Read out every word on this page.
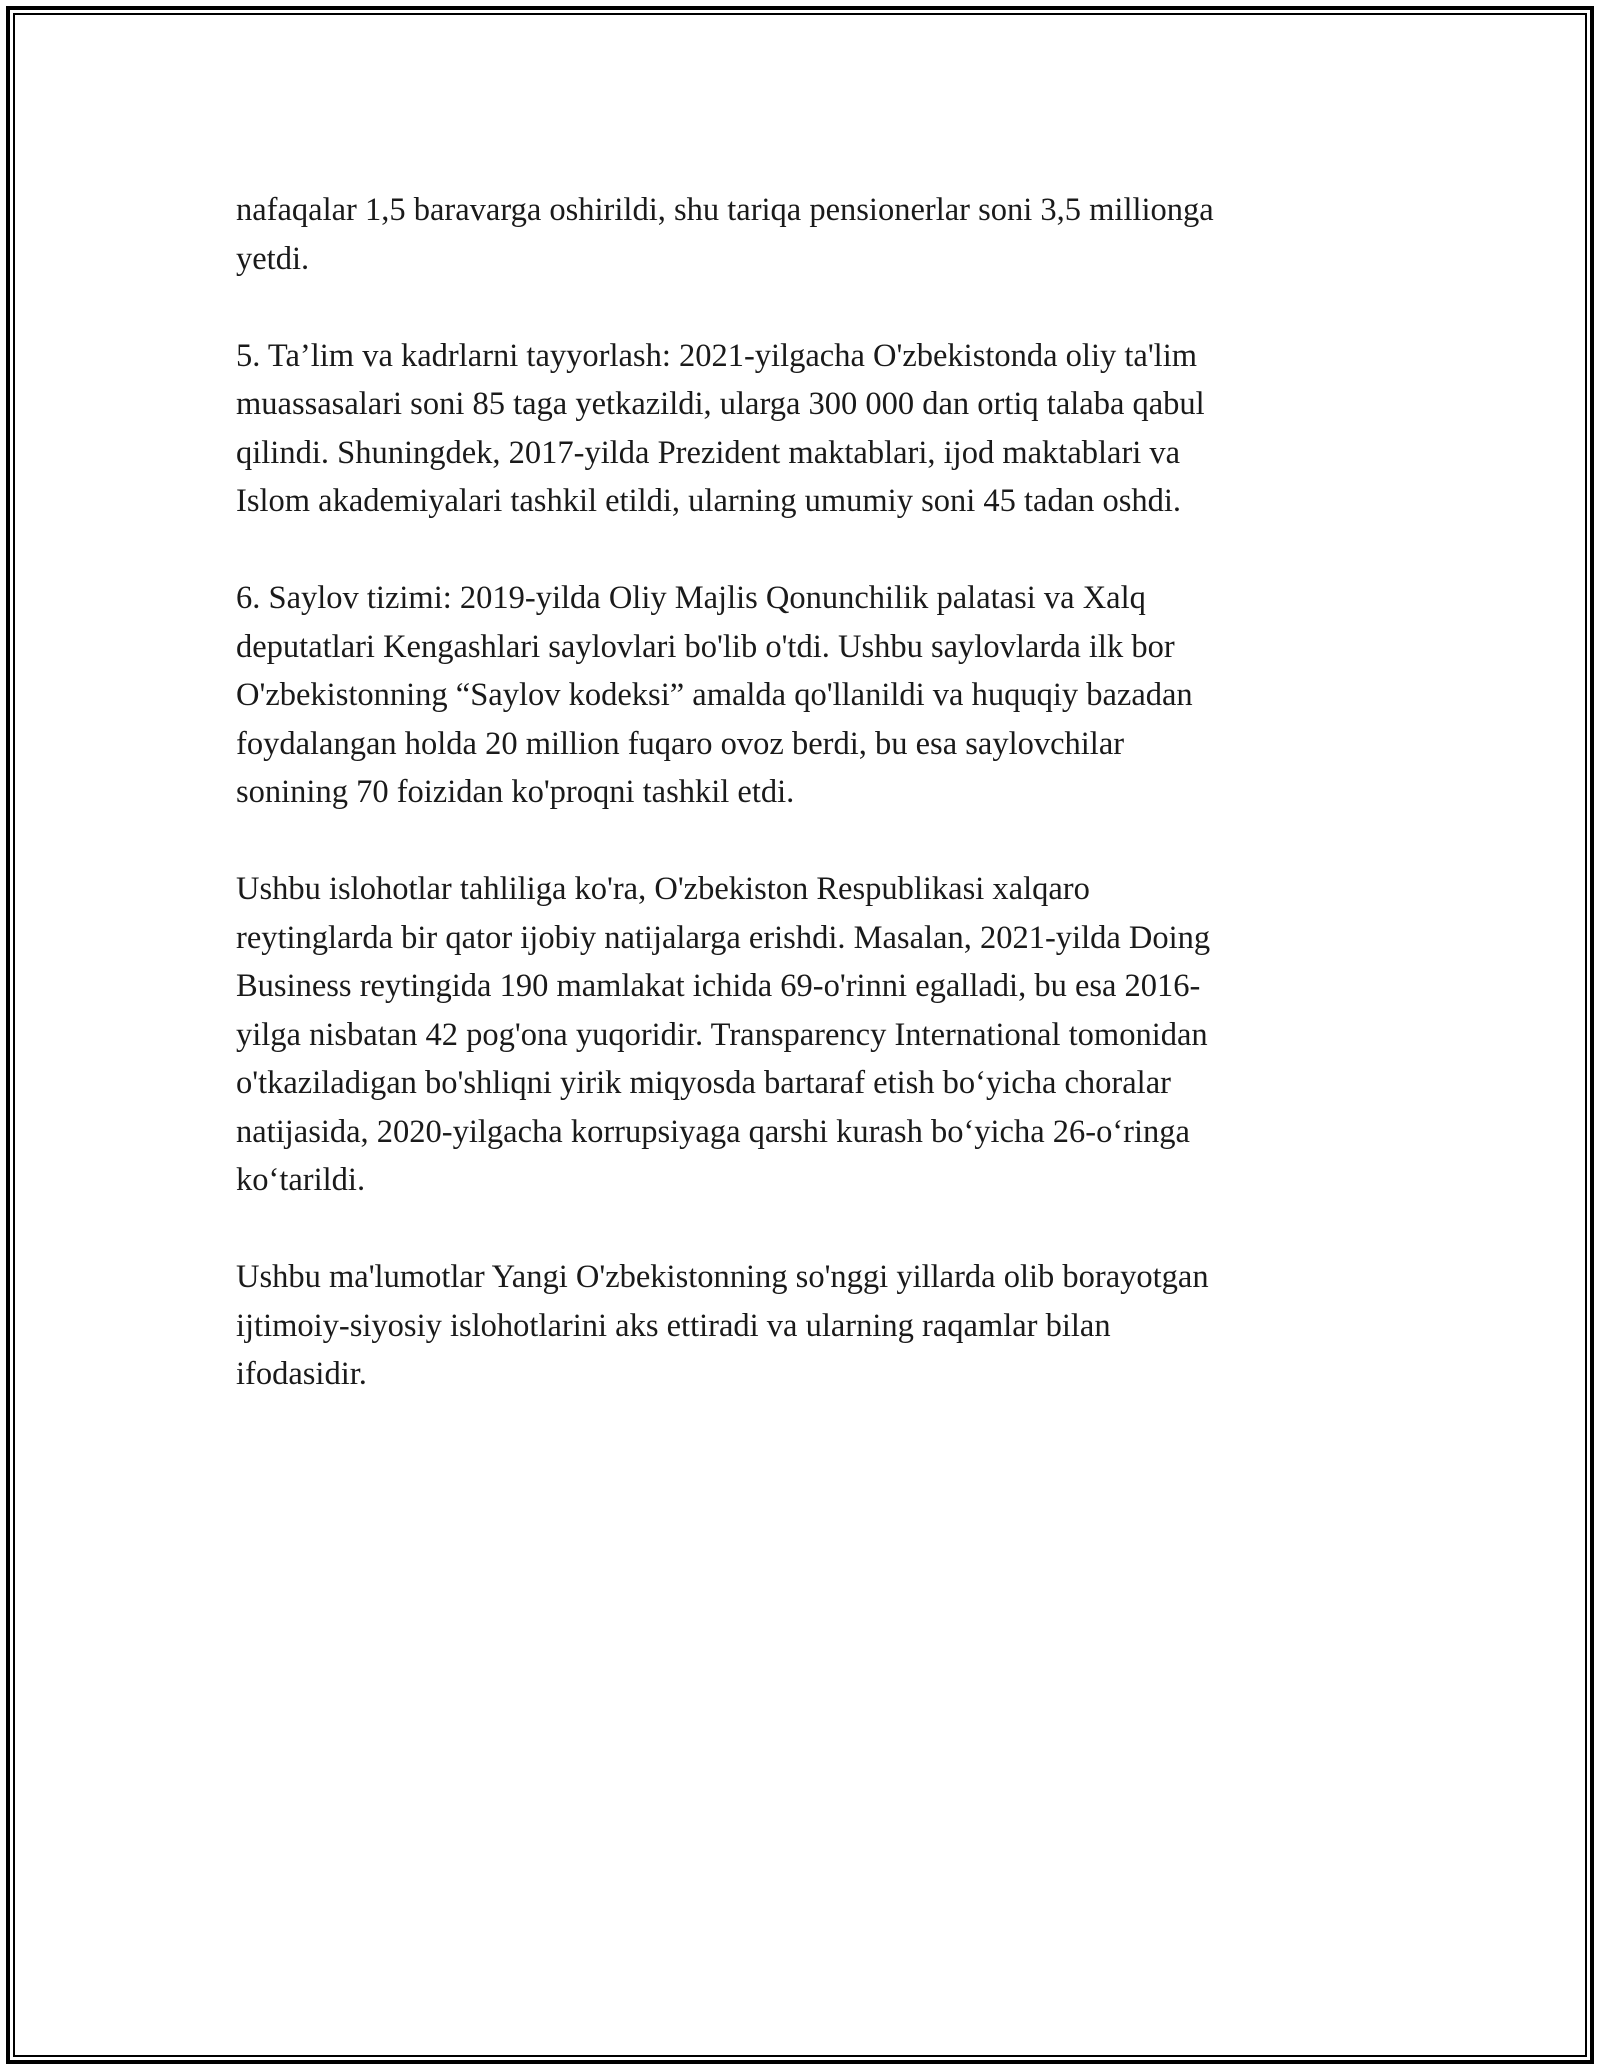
nafaqalar 1,5 baravarga oshirildi, shu tariqa pensionerlar soni 3,5 millionga
yetdi.

5. Ta’lim va kadrlarni tayyorlash: 2021-yilgacha O'zbekistonda oliy ta'lim
muassasalari soni 85 taga yetkazildi, ularga 300 000 dan ortiq talaba qabul
qilindi. Shuningdek, 2017-yilda Prezident maktablari, ijod maktablari va
Islom akademiyalari tashkil etildi, ularning umumiy soni 45 tadan oshdi.

6. Saylov tizimi: 2019-yilda Oliy Majlis Qonunchilik palatasi va Xalq
deputatlari Kengashlari saylovlari bo'lib o'tdi. Ushbu saylovlarda ilk bor
O'zbekistonning “Saylov kodeksi” amalda qo'llanildi va huquqiy bazadan
foydalangan holda 20 million fuqaro ovoz berdi, bu esa saylovchilar
sonining 70 foizidan ko'proqni tashkil etdi.

Ushbu islohotlar tahliliga ko'ra, O'zbekiston Respublikasi xalqaro
reytinglarda bir qator ijobiy natijalarga erishdi. Masalan, 2021-yilda Doing
Business reytingida 190 mamlakat ichida 69-o'rinni egalladi, bu esa 2016-
yilga nisbatan 42 pog'ona yuqoridir. Transparency International tomonidan
o'tkaziladigan bo'shliqni yirik miqyosda bartaraf etish bo‘yicha choralar
natijasida, 2020-yilgacha korrupsiyaga qarshi kurash bo‘yicha 26-o‘ringa
ko‘tarildi.

Ushbu ma'lumotlar Yangi O'zbekistonning so'nggi yillarda olib borayotgan
ijtimoiy-siyosiy islohotlarini aks ettiradi va ularning raqamlar bilan
ifodasidir.
